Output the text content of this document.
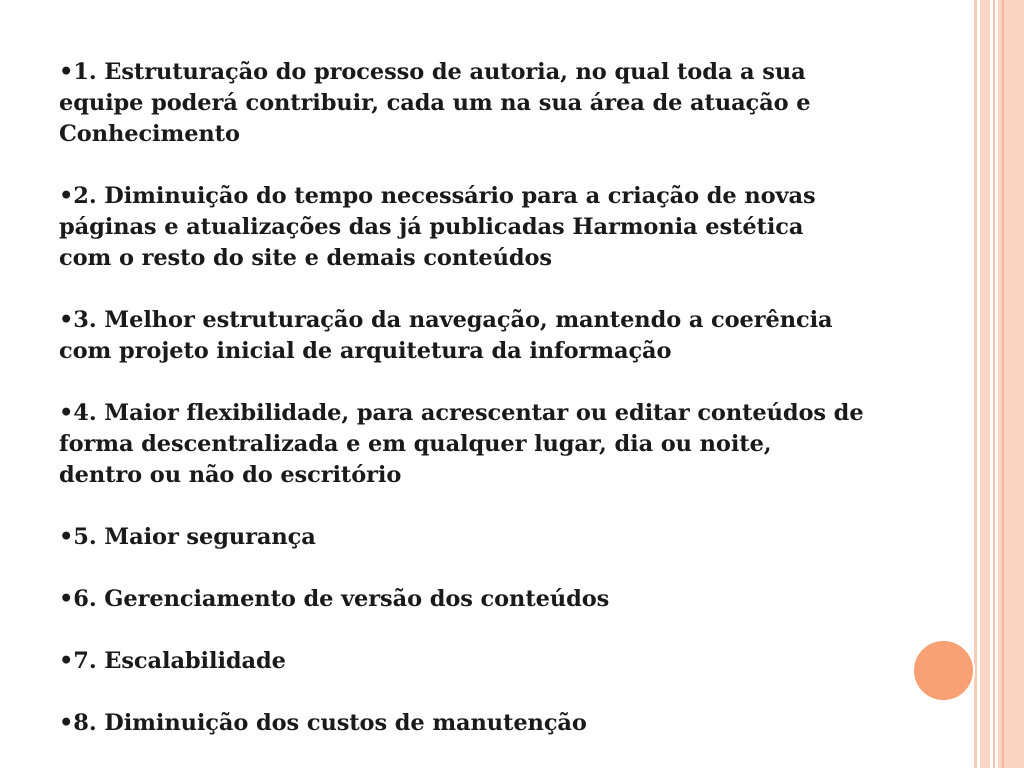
•1. Estruturação do processo de autoria, no qual toda a sua
equipe poderá contribuir, cada um na sua área de atuação e
Conhecimento
•2. Diminuição do tempo necessário para a criação de novas
páginas e atualizações das já publicadas Harmonia estética
com o resto do site e demais conteúdos
•3. Melhor estruturação da navegação, mantendo a coerência
com projeto inicial de arquitetura da informação
•4. Maior flexibilidade, para acrescentar ou editar conteúdos de
forma descentralizada e em qualquer lugar, dia ou noite,
dentro ou não do escritório
•5. Maior segurança
•6. Gerenciamento de versão dos conteúdos
•7. Escalabilidade
•8. Diminuição dos custos de manutenção
